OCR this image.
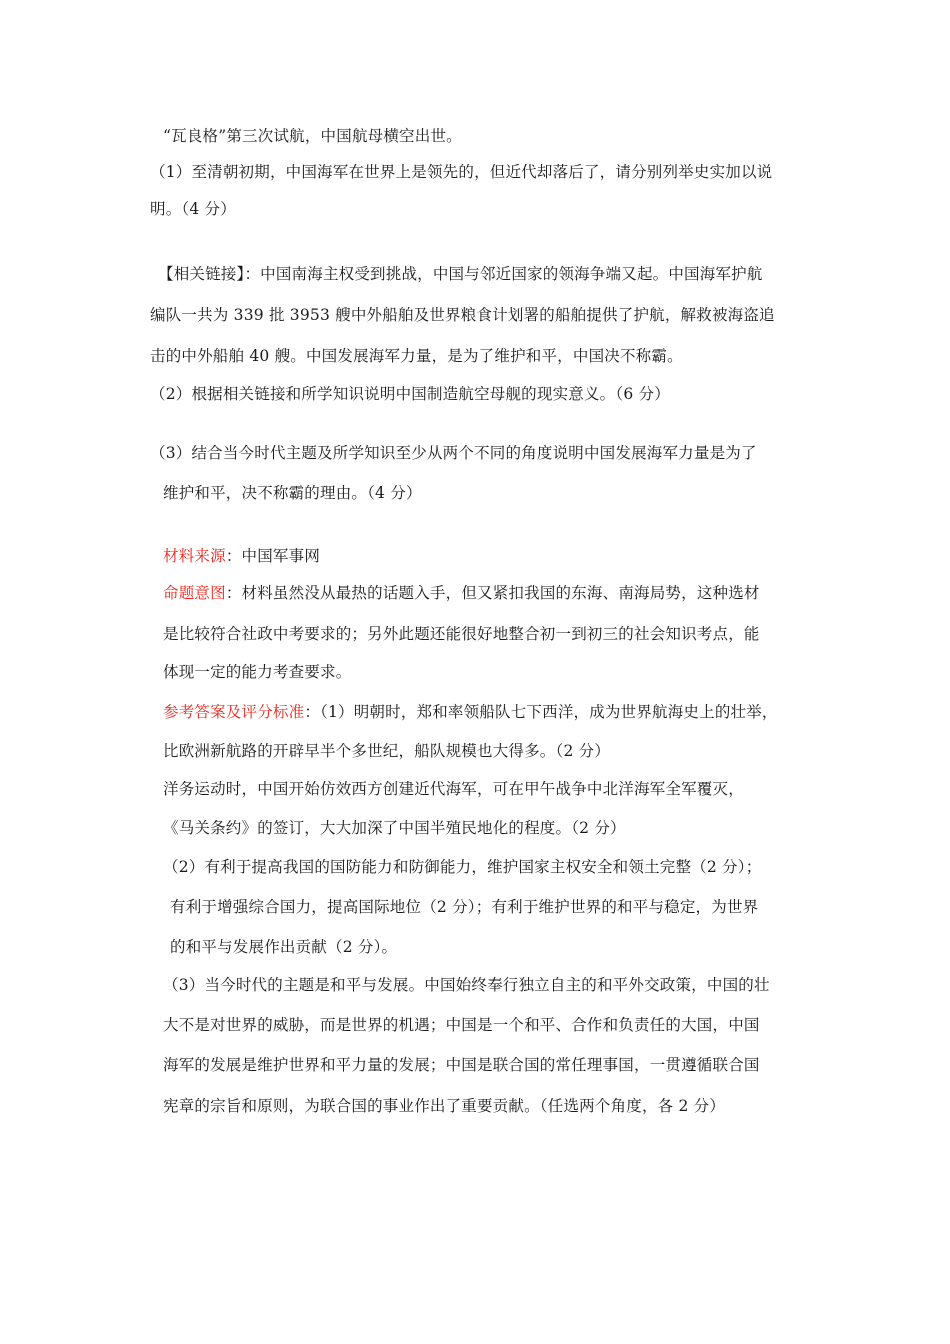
“瓦良格”第三次试航，中国航母横空出世。
（1）至清朝初期，中国海军在世界上是领先的，但近代却落后了，请分别列举史实加以说
明。（4 分）
【相关链接】：中国南海主权受到挑战，中国与邻近国家的领海争端又起。中国海军护航
编队一共为 339 批 3953 艘中外船舶及世界粮食计划署的船舶提供了护航，解救被海盗追
击的中外船舶 40 艘。中国发展海军力量，是为了维护和平，中国决不称霸。
（2）根据相关链接和所学知识说明中国制造航空母舰的现实意义。（6 分）
（3）结合当今时代主题及所学知识至少从两个不同的角度说明中国发展海军力量是为了
维护和平，决不称霸的理由。（4 分）
材料来源：中国军事网
命题意图：材料虽然没从最热的话题入手，但又紧扣我国的东海、南海局势，这种选材
是比较符合社政中考要求的；另外此题还能很好地整合初一到初三的社会知识考点，能
体现一定的能力考查要求。
参考答案及评分标准：（1）明朝时，郑和率领船队七下西洋，成为世界航海史上的壮举，
比欧洲新航路的开辟早半个多世纪，船队规模也大得多。（2 分）
洋务运动时，中国开始仿效西方创建近代海军，可在甲午战争中北洋海军全军覆灭，
《马关条约》的签订，大大加深了中国半殖民地化的程度。（2 分）
（2）有利于提高我国的国防能力和防御能力，维护国家主权安全和领土完整（2 分）；
有利于增强综合国力，提高国际地位（2 分）；有利于维护世界的和平与稳定，为世界
的和平与发展作出贡献（2 分）。
（3）当今时代的主题是和平与发展。中国始终奉行独立自主的和平外交政策，中国的壮
大不是对世界的威胁，而是世界的机遇；中国是一个和平、合作和负责任的大国，中国
海军的发展是维护世界和平力量的发展；中国是联合国的常任理事国，一贯遵循联合国
宪章的宗旨和原则，为联合国的事业作出了重要贡献。（任选两个角度，各 2 分）
